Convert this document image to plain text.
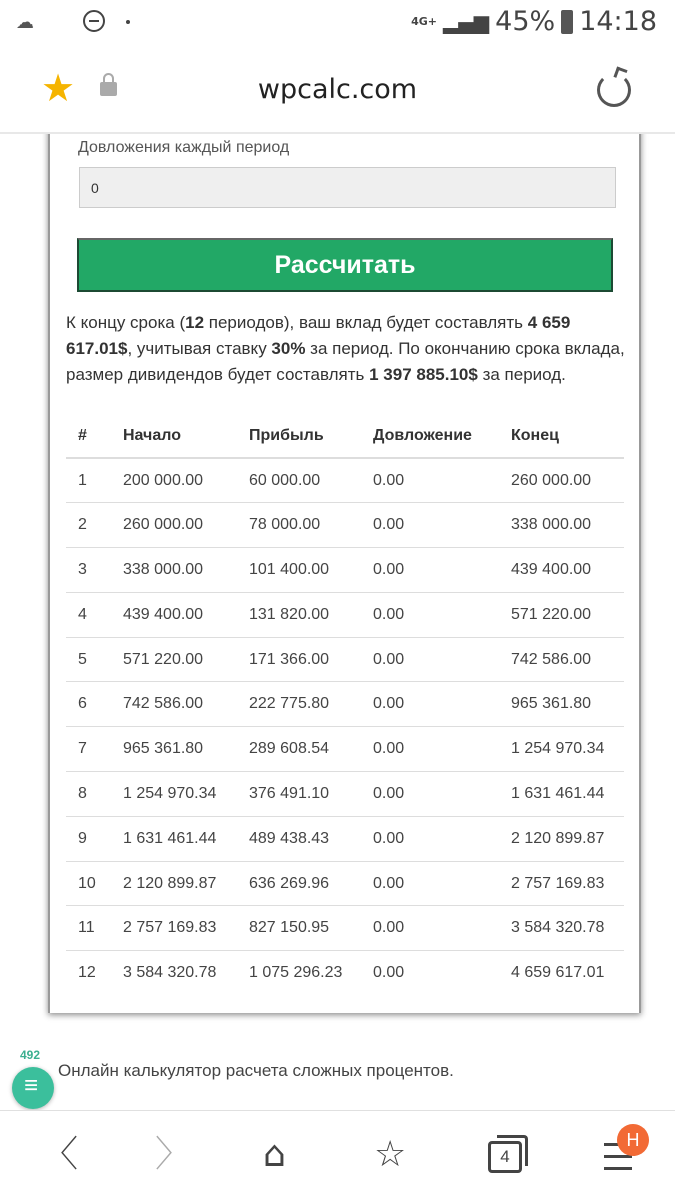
☁	4G+ ▂▄▆ 45% 14:18
★	wpcalc.com
Довложения каждый период
0
Рассчитать
К концу срока (12 периодов), ваш вклад будет составлять 4 659 617.01$, учитывая ставку 30% за период. По окончанию срока вклада, размер дивидендов будет составлять 1 397 885.10$ за период.
#	Начало	Прибыль	Довложение	Конец
1	200 000.00	60 000.00	0.00	260 000.00
2	260 000.00	78 000.00	0.00	338 000.00
3	338 000.00	101 400.00	0.00	439 400.00
4	439 400.00	131 820.00	0.00	571 220.00
5	571 220.00	171 366.00	0.00	742 586.00
6	742 586.00	222 775.80	0.00	965 361.80
7	965 361.80	289 608.54	0.00	1 254 970.34
8	1 254 970.34	376 491.10	0.00	1 631 461.44
9	1 631 461.44	489 438.43	0.00	2 120 899.87
10	2 120 899.87	636 269.96	0.00	2 757 169.83
11	2 757 169.83	827 150.95	0.00	3 584 320.78
12	3 584 320.78	1 075 296.23	0.00	4 659 617.01
492
Онлайн калькулятор расчета сложных процентов.
≡
〈 〉 ⌂ ☆	4
H
